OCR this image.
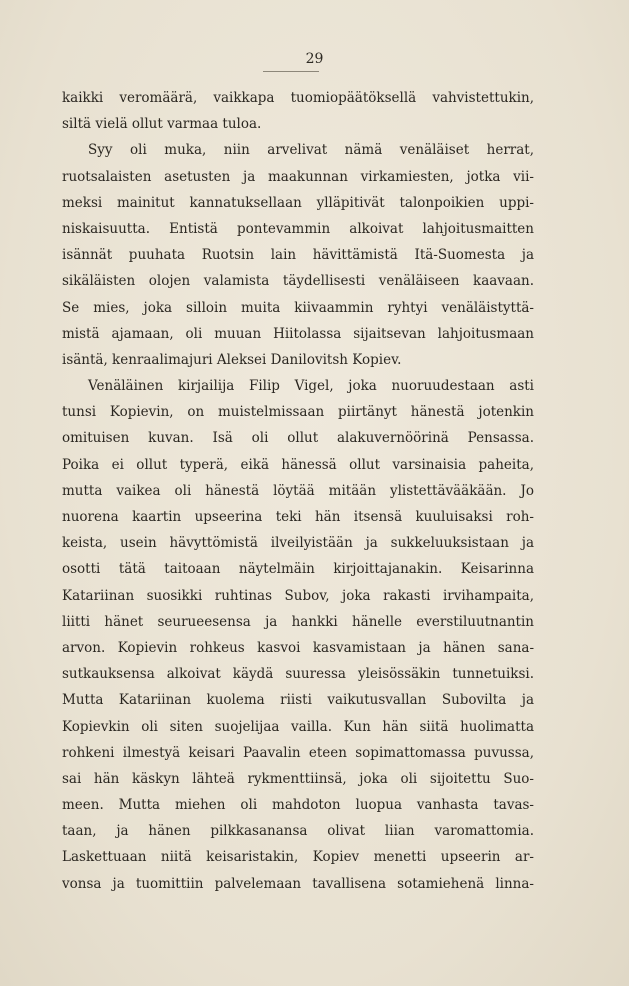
29
kaikki veromäärä, vaikkapa tuomiopäätöksellä vahvistettukin,
siltä vielä ollut varmaa tuloa.
Syy oli muka, niin arvelivat nämä venäläiset herrat,
ruotsalaisten asetusten ja maakunnan virkamiesten, jotka vii-
meksi mainitut kannatuksellaan ylläpitivät talonpoikien uppi-
niskaisuutta. Entistä pontevammin alkoivat lahjoitusmaitten
isännät puuhata Ruotsin lain hävittämistä Itä-Suomesta ja
sikäläisten olojen valamista täydellisesti venäläiseen kaavaan.
Se mies, joka silloin muita kiivaammin ryhtyi venäläistyttä-
mistä ajamaan, oli muuan Hiitolassa sijaitsevan lahjoitusmaan
isäntä, kenraalimajuri Aleksei Danilovitsh Kopiev.
Venäläinen kirjailija Filip Vigel, joka nuoruudestaan asti
tunsi Kopievin, on muistelmissaan piirtänyt hänestä jotenkin
omituisen kuvan. Isä oli ollut alakuvernöörinä Pensassa.
Poika ei ollut typerä, eikä hänessä ollut varsinaisia paheita,
mutta vaikea oli hänestä löytää mitään ylistettävääkään. Jo
nuorena kaartin upseerina teki hän itsensä kuuluisaksi roh-
keista, usein hävyttömistä ilveilyistään ja sukkeluuksistaan ja
osotti tätä taitoaan näytelmäin kirjoittajanakin. Keisarinna
Katariinan suosikki ruhtinas Subov, joka rakasti irvihampaita,
liitti hänet seurueesensa ja hankki hänelle everstiluutnantin
arvon. Kopievin rohkeus kasvoi kasvamistaan ja hänen sana-
sutkauksensa alkoivat käydä suuressa yleisössäkin tunnetuiksi.
Mutta Katariinan kuolema riisti vaikutusvallan Subovilta ja
Kopievkin oli siten suojelijaa vailla. Kun hän siitä huolimatta
rohkeni ilmestyä keisari Paavalin eteen sopimattomassa puvussa,
sai hän käskyn lähteä rykmenttiinsä, joka oli sijoitettu Suo-
meen. Mutta miehen oli mahdoton luopua vanhasta tavas-
taan, ja hänen pilkkasanansa olivat liian varomattomia.
Laskettuaan niitä keisaristakin, Kopiev menetti upseerin ar-
vonsa ja tuomittiin palvelemaan tavallisena sotamiehenä linna-
